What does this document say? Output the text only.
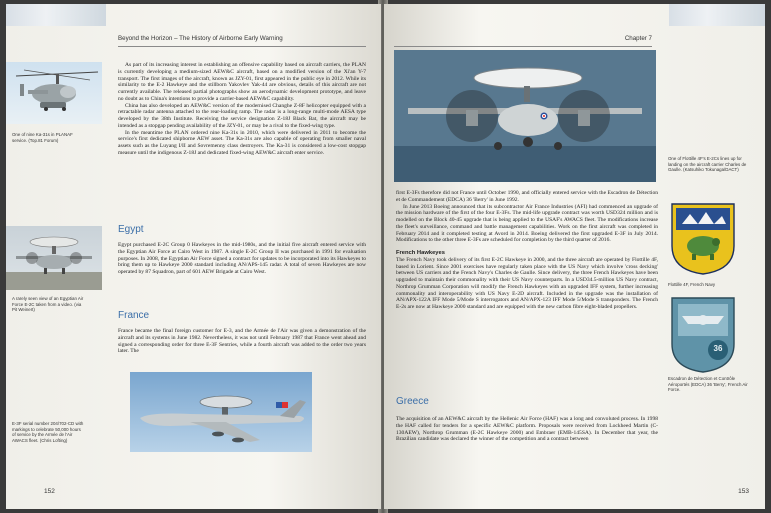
Beyond the Horizon – The History of Airborne Early Warning
One of nine Ka-31s in PLANAF service. (Top.81 Forum)
A rarely seen view of an Egyptian Air Force E-2C taken from a video. (via Pit Weinert)
E-3F serial number 204/702-CD with markings to celebrate 50,000 hours of service by the Armée de l'Air AWACS fleet. (Chris Lofting)

As part of its increasing interest in establishing an offensive capability based on aircraft carriers, the PLAN is currently developing a medium-sized AEW&C aircraft, based on a modified version of the Xi'an Y-7 transport. The first images of the aircraft, known as JZY-01, first appeared in the public eye in 2012. While its similarity to the E-2 Hawkeye and the stillborn Yakovlev Yak-44 are obvious, details of this aircraft are not currently available. The released partial photographs show an aerodynamic development prototype, and leave no doubt as to China's intentions to provide a carrier-based AEW&C capability.

China has also developed an AEW&C version of the modernised Changhe Z-8F helicopter equipped with a retractable radar antenna attached to the rear-loading ramp. The radar is a long-range multi-mode AESA type developed by the 38th Institute. Receiving the service designation Z-18J Black Bat, the aircraft may be intended as a stopgap pending availability of the JZY-01, or may be a rival to the fixed-wing type.

In the meantime the PLAN ordered nine Ka-31s in 2010, which were delivered in 2011 to become the service's first dedicated shipborne AEW asset. The Ka-31s are also capable of operating from smaller naval assets such as the Luyang I/II and Sovremenny class destroyers. The Ka-31 is considered a low-cost stopgap measure until the indigenous Z-18J and dedicated fixed-wing AEW&C aircraft enter service.

Egypt

Egypt purchased E-2C Group 0 Hawkeyes in the mid-1980s, and the initial five aircraft entered service with the Egyptian Air Force at Cairo West in 1987. A single E-2C Group II was purchased in 1991 for evaluation purposes. In 2008, the Egyptian Air Force signed a contract for updates to be incorporated into its Hawkeyes to bring them up to Hawkeye 2000 standard including AN/APS-145 radar. A total of seven Hawkeyes are now operated by 87 Squadron, part of 601 AEW Brigade at Cairo West.

France

France became the final foreign customer for E-3, and the Armée de l'Air was given a demonstration of the aircraft and its systems in June 1982. Nevertheless, it was not until February 1987 that France went ahead and signed a corresponding order for three E-3F Sentries, while a fourth aircraft was added to the order two years later. The

152
Chapter 7
One of Flottille 4F's E-2Cs lines up for landing on the aircraft carrier Charles de Gaulle. (Katsuhiko Tokunaga/DACT)
Flottille 4F, French Navy
36
Escadron de Détection et Contrôle Aéroportés (EDCA) 36 'Berry', French Air Force.

first E-3Fs therefore did not France until October 1990, and officially entered service with the Escadron de Détection et de Commandement (EDCA) 36 'Berry' in June 1992.

In June 2013 Boeing announced that its subcontractor Air France Industries (AFI) had commenced an upgrade of the mission hardware of the first of the four E-3Fs. The mid-life upgrade contract was worth USD324 million and is modelled on the Block 40-45 upgrade that is being applied to the USAF's AWACS fleet. The modifications increase the fleet's surveillance, command and battle management capabilities. Work on the first aircraft was completed in February 2014 and it completed testing at Avord in 2014. Boeing delivered the first upgraded E-3F in July 2014. Modifications to the other three E-3Fs are scheduled for completion by the third quarter of 2016.

French Hawkeyes

The French Navy took delivery of its first E-2C Hawkeye in 2000, and the three aircraft are operated by Flottille 4F, based in Lorient. Since 2001 exercises have regularly taken place with the US Navy which involve 'cross decking' between US carriers and the French Navy's Charles de Gaulle. Since delivery, the three French Hawkeyes have been upgraded to maintain their commonality with their US Navy counterparts. In a USD34.5-million US Navy contract, Northrop Grumman Corporation will modify the French Hawkeyes with an upgraded IFF system, further increasing commonality and interoperability with US Navy E-2D aircraft. Included in the upgrade was the installation of AN/APX-122A IFF Mode 5/Mode S interrogators and AN/APX-123 IFF Mode 5/Mode S transponders. The French E-2s are now at Hawkeye 2000 standard and are equipped with the new carbon fibre eight-bladed propellers.

Greece

The acquisition of an AEW&C aircraft by the Hellenic Air Force (HAF) was a long and convoluted process. In 1998 the HAF called for tenders for a specific AEW&C platform. Proposals were received from Lockheed Martin (C-130AEW), Northrop Grumman (E-2C Hawkeye 2000) and Embraer (EMB-145SA). In December that year, the Brazilian candidate was declared the winner of the competition and a contract between

153
